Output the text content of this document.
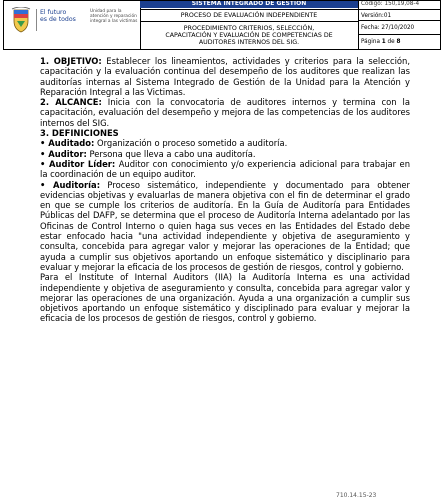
El futuro
es de todos
Unidad para la atención y reparación integral a las víctimas
SISTEMA INTEGRADO DE GESTIÓN
PROCESO DE EVALUACIÓN INDEPENDIENTE
PROCEDIMIENTO CRITERIOS, SELECCIÓN,
CAPACITACIÓN Y EVALUACIÓN DE COMPETENCIAS DE
AUDITORES INTERNOS DEL SIG.
Código: 150,19,08-4
Versión:01
Fecha: 27/10/2020
Página 1 de 8

1. OBJETIVO: Establecer los lineamientos, actividades y criterios para la selección, capacitación y la evaluación continua del desempeño de los auditores que realizan las auditorías internas al Sistema Integrado de Gestión de la Unidad para la Atención y Reparación Integral a las Victimas.

2. ALCANCE: Inicia con la convocatoria de auditores internos y termina con la capacitación, evaluación del desempeño y mejora de las competencias de los auditores internos del SIG.

3. DEFINICIONES

• Auditado: Organización o proceso sometido a auditoría.

• Auditor: Persona que lleva a cabo una auditoría.

• Auditor Líder: Auditor con conocimiento y/o experiencia adicional para trabajar en la coordinación de un equipo auditor.

• Auditoría: Proceso sistemático, independiente y documentado para obtener evidencias objetivas y evaluarlas de manera objetiva con el fin de determinar el grado en que se cumple los criterios de auditoría. En la Guía de Auditoría para Entidades Públicas del DAFP, se determina que el proceso de Auditoría Interna adelantado por las Oficinas de Control Interno o quien haga sus veces en las Entidades del Estado debe estar enfocado hacia "una actividad independiente y objetiva de aseguramiento y consulta, concebida para agregar valor y mejorar las operaciones de la Entidad; que ayuda a cumplir sus objetivos aportando un enfoque sistemático y disciplinario para evaluar y mejorar la eficacia de los procesos de gestión de riesgos, control y gobierno.

Para el Institute of Internal Auditors (IIA) la Auditoría Interna es una actividad independiente y objetiva de aseguramiento y consulta, concebida para agregar valor y mejorar las operaciones de una organización. Ayuda a una organización a cumplir sus objetivos aportando un enfoque sistemático y disciplinado para evaluar y mejorar la eficacia de los procesos de gestión de riesgos, control y gobierno.

710.14.15-23
